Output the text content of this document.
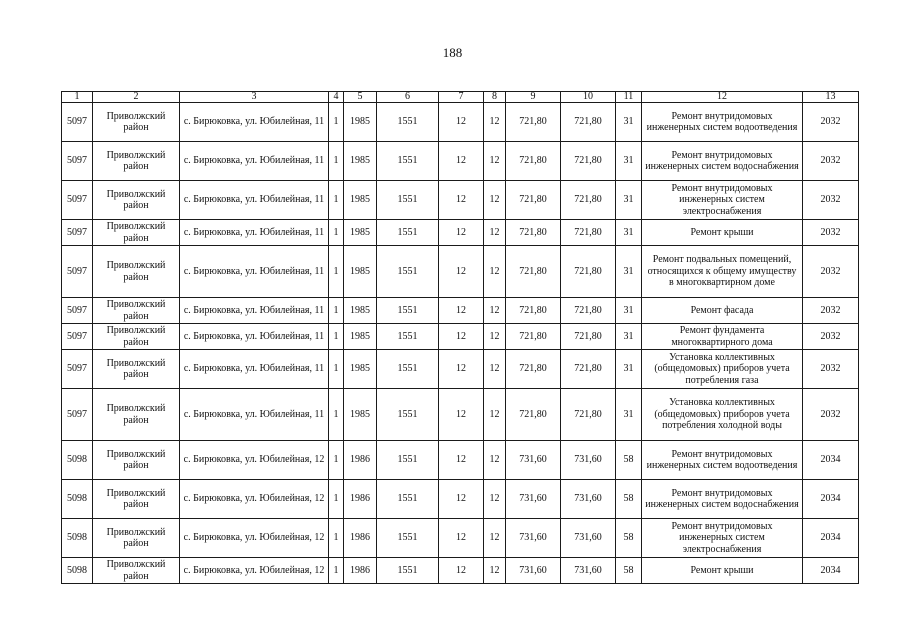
188
1	2	3	4	5	6	7	8	9	10	11	12	13
5097	Приволжский район	с. Бирюковка, ул. Юбилейная, 11	1	1985	1551	12	12	721,80	721,80	31	Ремонт внутридомовых инженерных систем водоотведения	2032
5097	Приволжский район	с. Бирюковка, ул. Юбилейная, 11	1	1985	1551	12	12	721,80	721,80	31	Ремонт внутридомовых инженерных систем водоснабжения	2032
5097	Приволжский район	с. Бирюковка, ул. Юбилейная, 11	1	1985	1551	12	12	721,80	721,80	31	Ремонт внутридомовых инженерных систем электроснабжения	2032
5097	Приволжский район	с. Бирюковка, ул. Юбилейная, 11	1	1985	1551	12	12	721,80	721,80	31	Ремонт крыши	2032
5097	Приволжский район	с. Бирюковка, ул. Юбилейная, 11	1	1985	1551	12	12	721,80	721,80	31	Ремонт подвальных помещений, относящихся к общему имуществу в многоквартирном доме	2032
5097	Приволжский район	с. Бирюковка, ул. Юбилейная, 11	1	1985	1551	12	12	721,80	721,80	31	Ремонт фасада	2032
5097	Приволжский район	с. Бирюковка, ул. Юбилейная, 11	1	1985	1551	12	12	721,80	721,80	31	Ремонт фундамента многоквартирного дома	2032
5097	Приволжский район	с. Бирюковка, ул. Юбилейная, 11	1	1985	1551	12	12	721,80	721,80	31	Установка коллективных (общедомовых) приборов учета потребления газа	2032
5097	Приволжский район	с. Бирюковка, ул. Юбилейная, 11	1	1985	1551	12	12	721,80	721,80	31	Установка коллективных (общедомовых) приборов учета потребления холодной воды	2032
5098	Приволжский район	с. Бирюковка, ул. Юбилейная, 12	1	1986	1551	12	12	731,60	731,60	58	Ремонт внутридомовых инженерных систем водоотведения	2034
5098	Приволжский район	с. Бирюковка, ул. Юбилейная, 12	1	1986	1551	12	12	731,60	731,60	58	Ремонт внутридомовых инженерных систем водоснабжения	2034
5098	Приволжский район	с. Бирюковка, ул. Юбилейная, 12	1	1986	1551	12	12	731,60	731,60	58	Ремонт внутридомовых инженерных систем электроснабжения	2034
5098	Приволжский район	с. Бирюковка, ул. Юбилейная, 12	1	1986	1551	12	12	731,60	731,60	58	Ремонт крыши	2034
